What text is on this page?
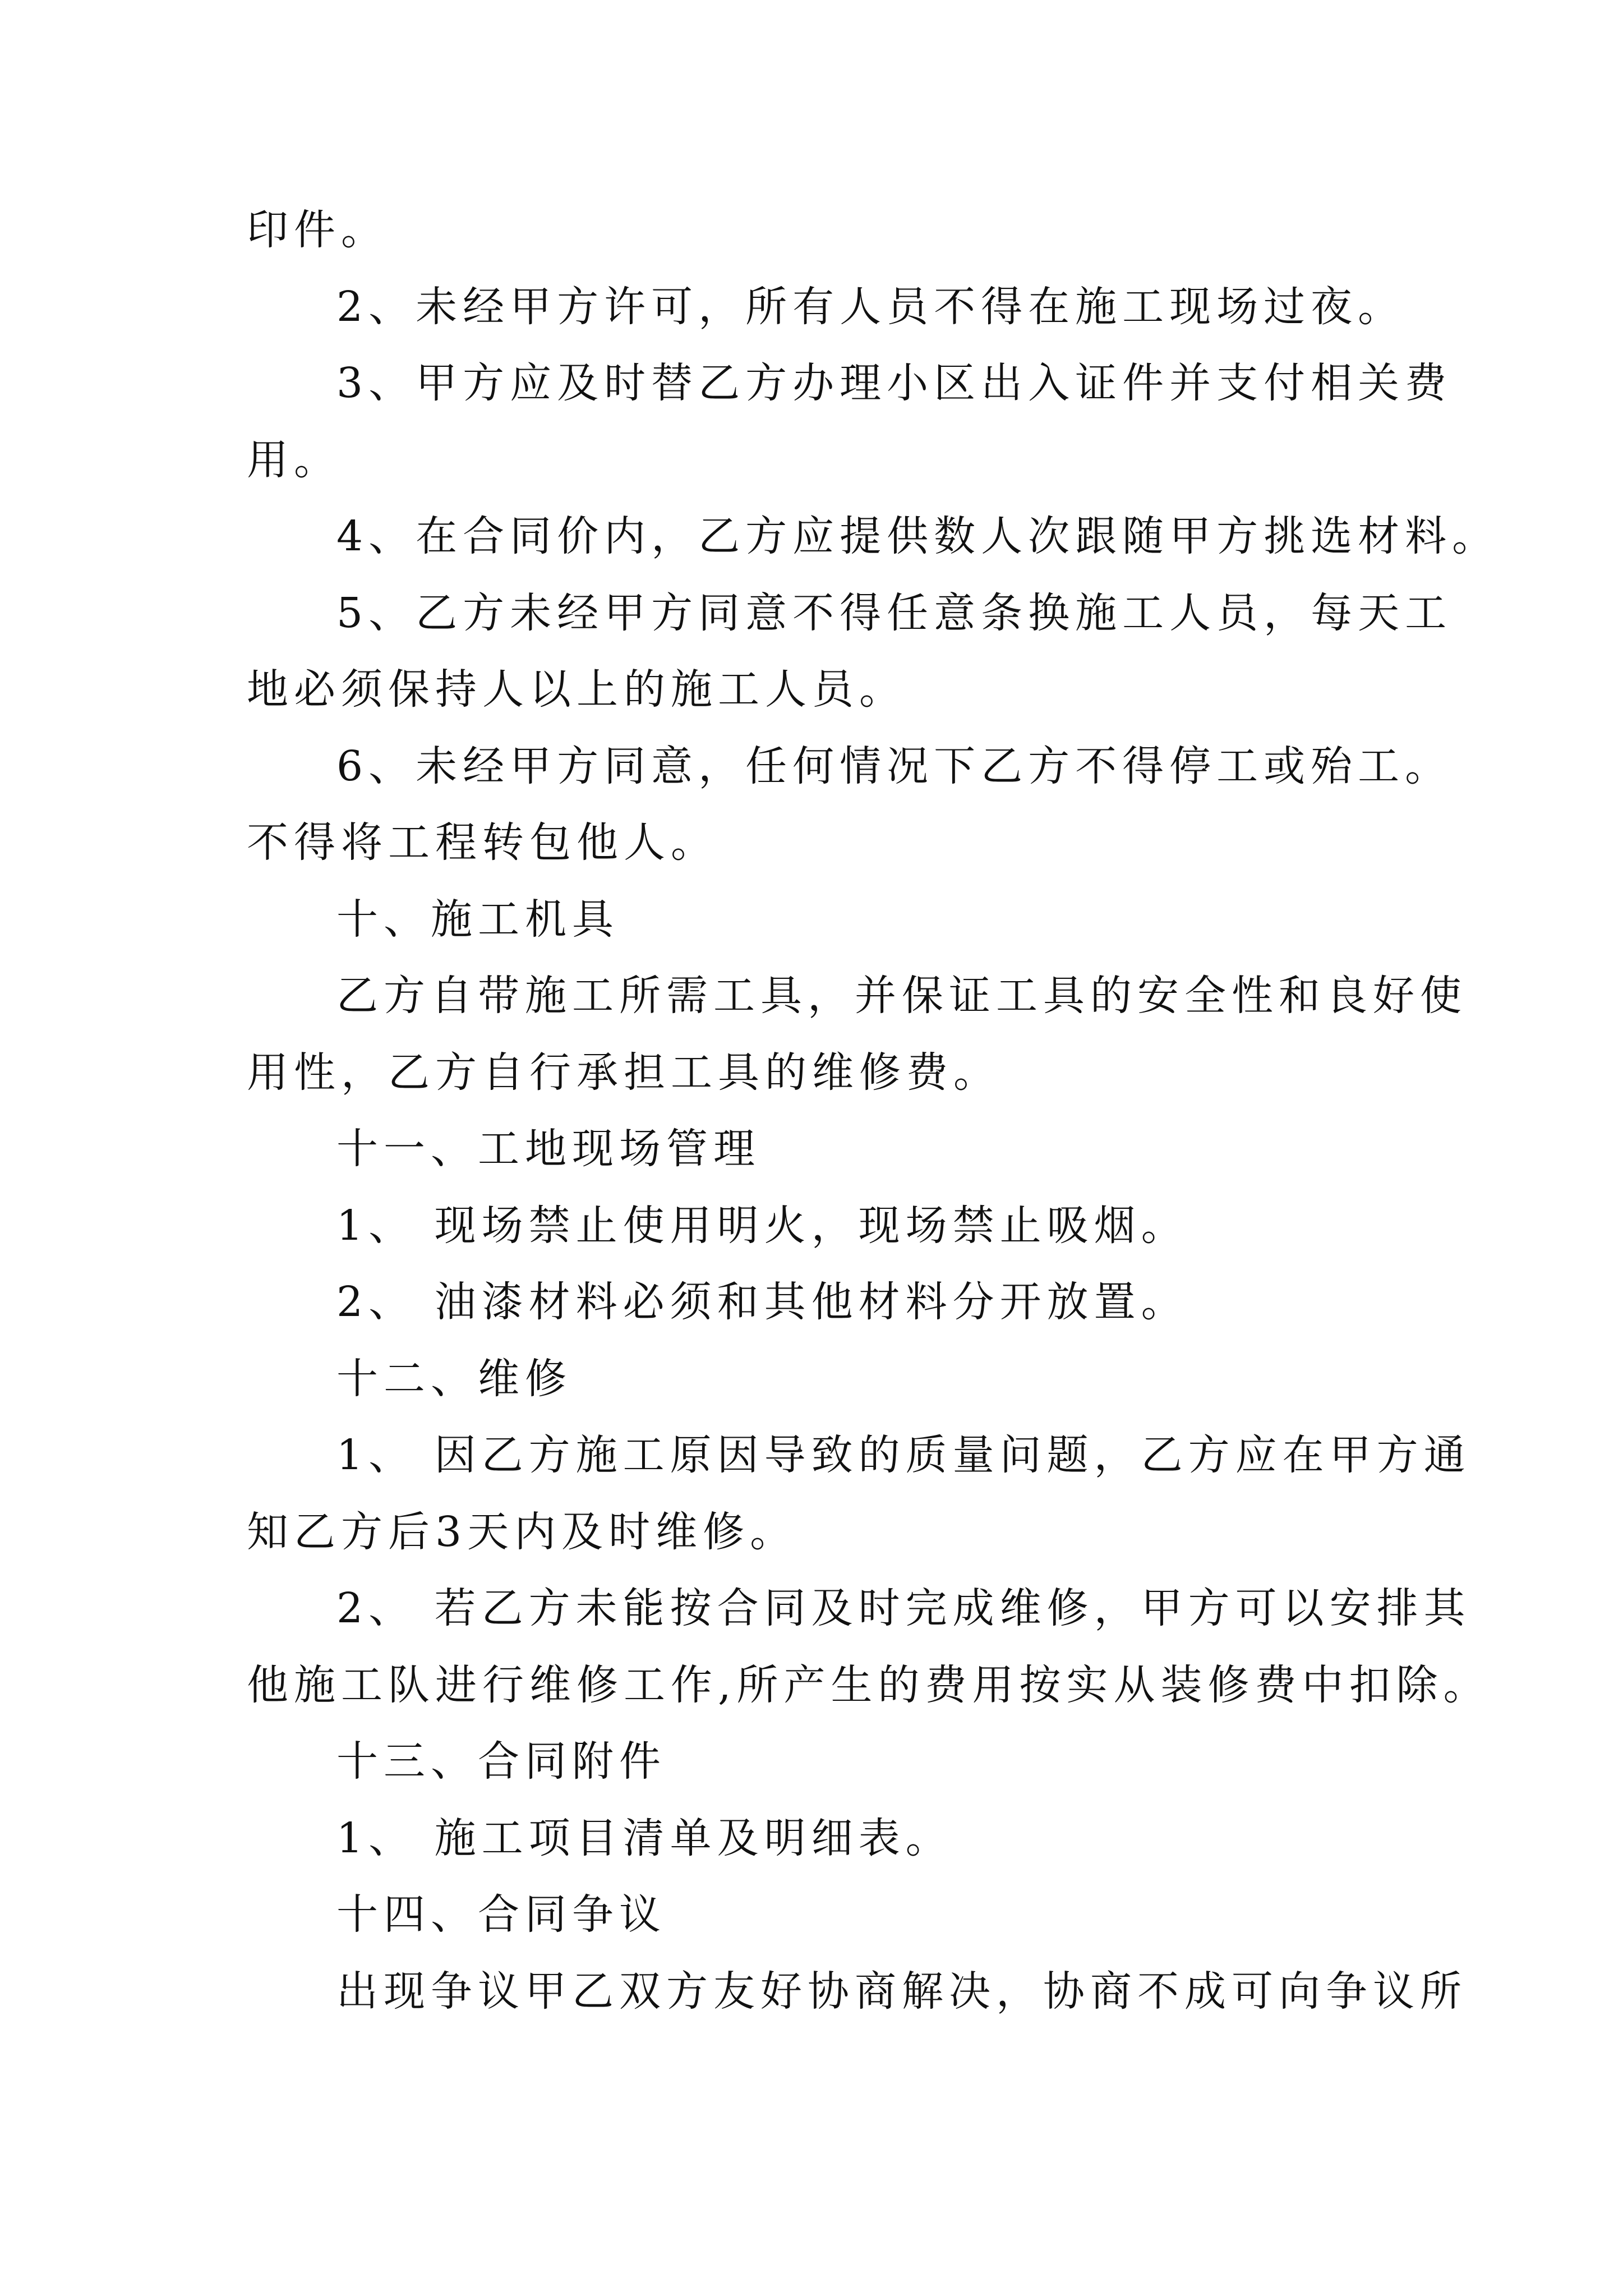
印件。
2、未经甲方许可，所有人员不得在施工现场过夜。
3、甲方应及时替乙方办理小区出入证件并支付相关费
用。
4、在合同价内，乙方应提供数人次跟随甲方挑选材料。
5、乙方未经甲方同意不得任意条换施工人员，每天工
地必须保持人以上的施工人员。
6、未经甲方同意，任何情况下乙方不得停工或殆工。
不得将工程转包他人。
十、施工机具
乙方自带施工所需工具，并保证工具的安全性和良好使
用性，乙方自行承担工具的维修费。
十一、工地现场管理
1、 现场禁止使用明火，现场禁止吸烟。
2、 油漆材料必须和其他材料分开放置。
十二、维修
1、 因乙方施工原因导致的质量问题，乙方应在甲方通
知乙方后3天内及时维修。
2、 若乙方未能按合同及时完成维修，甲方可以安排其
他施工队进行维修工作,所产生的费用按实从装修费中扣除。
十三、合同附件
1、 施工项目清单及明细表。
十四、合同争议
出现争议甲乙双方友好协商解决，协商不成可向争议所
